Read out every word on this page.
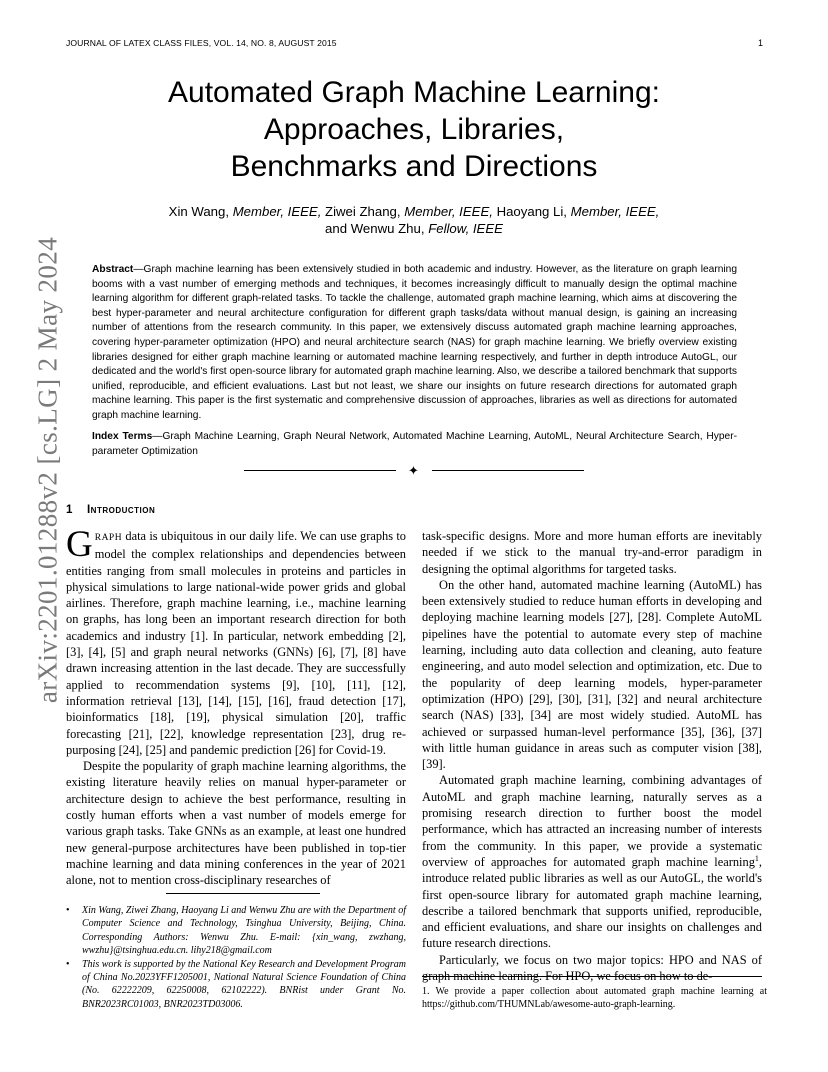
JOURNAL OF LATEX CLASS FILES, VOL. 14, NO. 8, AUGUST 2015	1
arXiv:2201.01288v2 [cs.LG] 2 May 2024
Automated Graph Machine Learning:
Approaches, Libraries,
Benchmarks and Directions
Xin Wang, Member, IEEE, Ziwei Zhang, Member, IEEE, Haoyang Li, Member, IEEE,
and Wenwu Zhu, Fellow, IEEE
Abstract—Graph machine learning has been extensively studied in both academic and industry. However, as the literature on graph learning booms with a vast number of emerging methods and techniques, it becomes increasingly difficult to manually design the optimal machine learning algorithm for different graph-related tasks. To tackle the challenge, automated graph machine learning, which aims at discovering the best hyper-parameter and neural architecture configuration for different graph tasks/data without manual design, is gaining an increasing number of attentions from the research community. In this paper, we extensively discuss automated graph machine learning approaches, covering hyper-parameter optimization (HPO) and neural architecture search (NAS) for graph machine learning. We briefly overview existing libraries designed for either graph machine learning or automated machine learning respectively, and further in depth introduce AutoGL, our dedicated and the world's first open-source library for automated graph machine learning. Also, we describe a tailored benchmark that supports unified, reproducible, and efficient evaluations. Last but not least, we share our insights on future research directions for automated graph machine learning. This paper is the first systematic and comprehensive discussion of approaches, libraries as well as directions for automated graph machine learning.
Index Terms—Graph Machine Learning, Graph Neural Network, Automated Machine Learning, AutoML, Neural Architecture Search, Hyper-parameter Optimization
✦
1 Introduction

GRAPH data is ubiquitous in our daily life. We can use graphs to model the complex relationships and dependencies between entities ranging from small molecules in proteins and particles in physical simulations to large national-wide power grids and global airlines. Therefore, graph machine learning, i.e., machine learning on graphs, has long been an important research direction for both academics and industry [1]. In particular, network embedding [2], [3], [4], [5] and graph neural networks (GNNs) [6], [7], [8] have drawn increasing attention in the last decade. They are successfully applied to recommendation systems [9], [10], [11], [12], information retrieval [13], [14], [15], [16], fraud detection [17], bioinformatics [18], [19], physical simulation [20], traffic forecasting [21], [22], knowledge representation [23], drug re-purposing [24], [25] and pandemic prediction [26] for Covid-19.

Despite the popularity of graph machine learning algorithms, the existing literature heavily relies on manual hyper-parameter or architecture design to achieve the best performance, resulting in costly human efforts when a vast number of models emerge for various graph tasks. Take GNNs as an example, at least one hundred new general-purpose architectures have been published in top-tier machine learning and data mining conferences in the year of 2021 alone, not to mention cross-disciplinary researches of

task-specific designs. More and more human efforts are inevitably needed if we stick to the manual try-and-error paradigm in designing the optimal algorithms for targeted tasks.

On the other hand, automated machine learning (AutoML) has been extensively studied to reduce human efforts in developing and deploying machine learning models [27], [28]. Complete AutoML pipelines have the potential to automate every step of machine learning, including auto data collection and cleaning, auto feature engineering, and auto model selection and optimization, etc. Due to the popularity of deep learning models, hyper-parameter optimization (HPO) [29], [30], [31], [32] and neural architecture search (NAS) [33], [34] are most widely studied. AutoML has achieved or surpassed human-level performance [35], [36], [37] with little human guidance in areas such as computer vision [38], [39].

Automated graph machine learning, combining advantages of AutoML and graph machine learning, naturally serves as a promising research direction to further boost the model performance, which has attracted an increasing number of interests from the community. In this paper, we provide a systematic overview of approaches for automated graph machine learning$^1$, introduce related public libraries as well as our AutoGL, the world's first open-source library for automated graph machine learning, describe a tailored benchmark that supports unified, reproducible, and efficient evaluations, and share our insights on challenges and future research directions.

Particularly, we focus on two major topics: HPO and NAS of graph machine learning. For HPO, we focus on how to de-

• Xin Wang, Ziwei Zhang, Haoyang Li and Wenwu Zhu are with the Department of Computer Science and Technology, Tsinghua University, Beijing, China. Corresponding Authors: Wenwu Zhu. E-mail: {xin_wang, zwzhang, wwzhu}@tsinghua.edu.cn. lihy218@gmail.com
• This work is supported by the National Key Research and Development Program of China No.2023YFF1205001, National Natural Science Foundation of China (No. 62222209, 62250008, 62102222). BNRist under Grant No. BNR2023RC01003, BNR2023TD03006.
1. We provide a paper collection about automated graph machine learning at https://github.com/THUMNLab/awesome-auto-graph-learning.
